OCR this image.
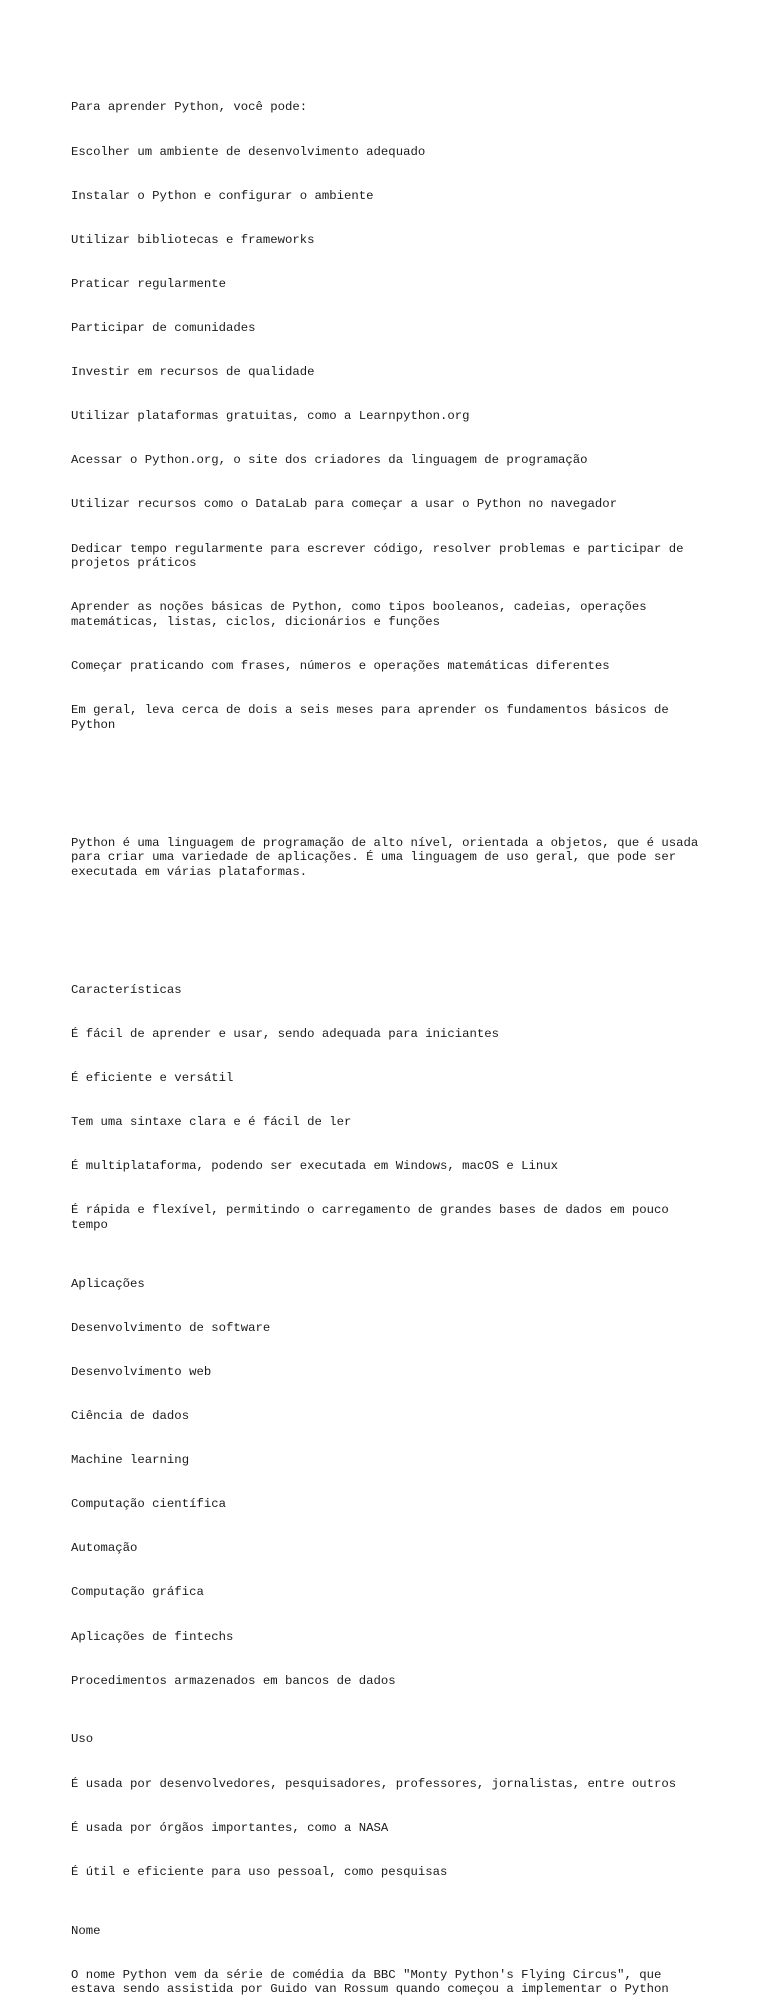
Para aprender Python, você pode:

Escolher um ambiente de desenvolvimento adequado

Instalar o Python e configurar o ambiente

Utilizar bibliotecas e frameworks

Praticar regularmente

Participar de comunidades

Investir em recursos de qualidade

Utilizar plataformas gratuitas, como a Learnpython.org

Acessar o Python.org, o site dos criadores da linguagem de programação

Utilizar recursos como o DataLab para começar a usar o Python no navegador

Dedicar tempo regularmente para escrever código, resolver problemas e participar de projetos práticos

Aprender as noções básicas de Python, como tipos booleanos, cadeias, operações matemáticas, listas, ciclos, dicionários e funções

Começar praticando com frases, números e operações matemáticas diferentes

Em geral, leva cerca de dois a seis meses para aprender os fundamentos básicos de Python

Python é uma linguagem de programação de alto nível, orientada a objetos, que é usada para criar uma variedade de aplicações. É uma linguagem de uso geral, que pode ser executada em várias plataformas.

Características

É fácil de aprender e usar, sendo adequada para iniciantes

É eficiente e versátil

Tem uma sintaxe clara e é fácil de ler

É multiplataforma, podendo ser executada em Windows, macOS e Linux

É rápida e flexível, permitindo o carregamento de grandes bases de dados em pouco tempo

Aplicações

Desenvolvimento de software

Desenvolvimento web

Ciência de dados

Machine learning

Computação científica

Automação

Computação gráfica

Aplicações de fintechs

Procedimentos armazenados em bancos de dados

Uso

É usada por desenvolvedores, pesquisadores, professores, jornalistas, entre outros

É usada por órgãos importantes, como a NASA

É útil e eficiente para uso pessoal, como pesquisas

Nome

O nome Python vem da série de comédia da BBC "Monty Python's Flying Circus", que estava sendo assistida por Guido van Rossum quando começou a implementar o Python
